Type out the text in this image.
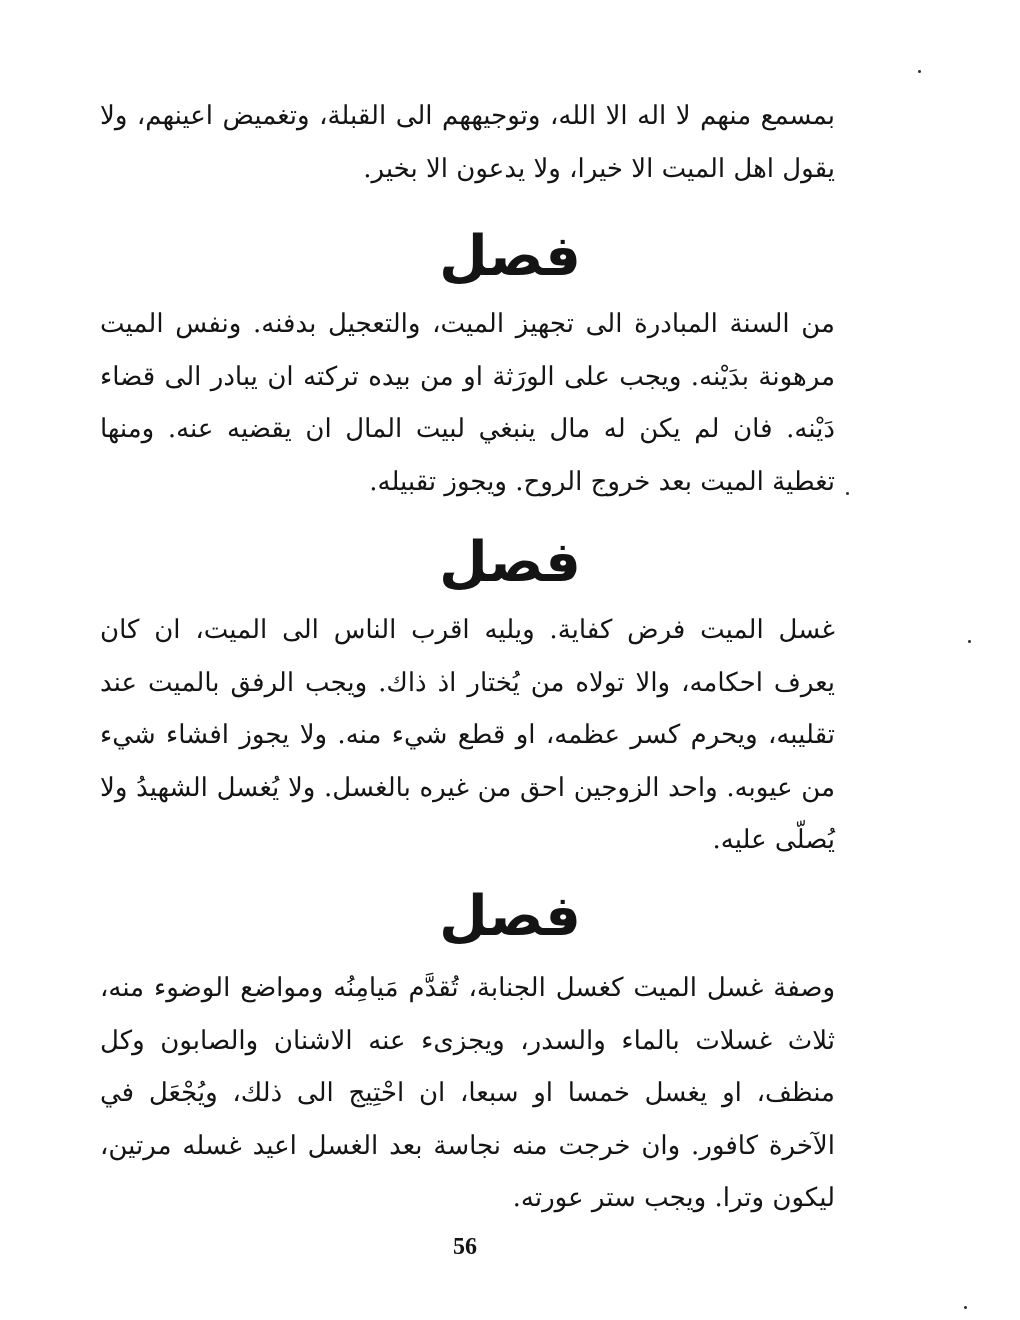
بمسمع منهم لا اله الا الله، وتوجيههم الى القبلة، وتغميض اعينهم، ولا يقول اهل الميت الا خيرا، ولا يدعون الا بخير.

فصل

من السنة المبادرة الى تجهيز الميت، والتعجيل بدفنه. ونفس الميت مرهونة بدَيْنه. ويجب على الورَثة او من بيده تركته ان يبادر الى قضاء دَيْنه. فان لم يكن له مال ينبغي لبيت المال ان يقضيه عنه. ومنها تغطية الميت بعد خروج الروح. ويجوز تقبيله.

فصل

غسل الميت فرض كفاية. ويليه اقرب الناس الى الميت، ان كان يعرف احكامه، والا تولاه من يُختار اذ ذاك. ويجب الرفق بالميت عند تقليبه، ويحرم كسر عظمه، او قطع شيء منه. ولا يجوز افشاء شيء من عيوبه. واحد الزوجين احق من غيره بالغسل. ولا يُغسل الشهيدُ ولا يُصلّى عليه.

فصل

وصفة غسل الميت كغسل الجنابة، تُقدَّم مَيامِنُه ومواضع الوضوء منه، ثلاث غسلات بالماء والسدر، ويجزىء عنه الاشنان والصابون وكل منظف، او يغسل خمسا او سبعا، ان احْتِيج الى ذلك، ويُجْعَل في الآخرة كافور. وان خرجت منه نجاسة بعد الغسل اعيد غسله مرتين، ليكون وترا. ويجب ستر عورته.

56
